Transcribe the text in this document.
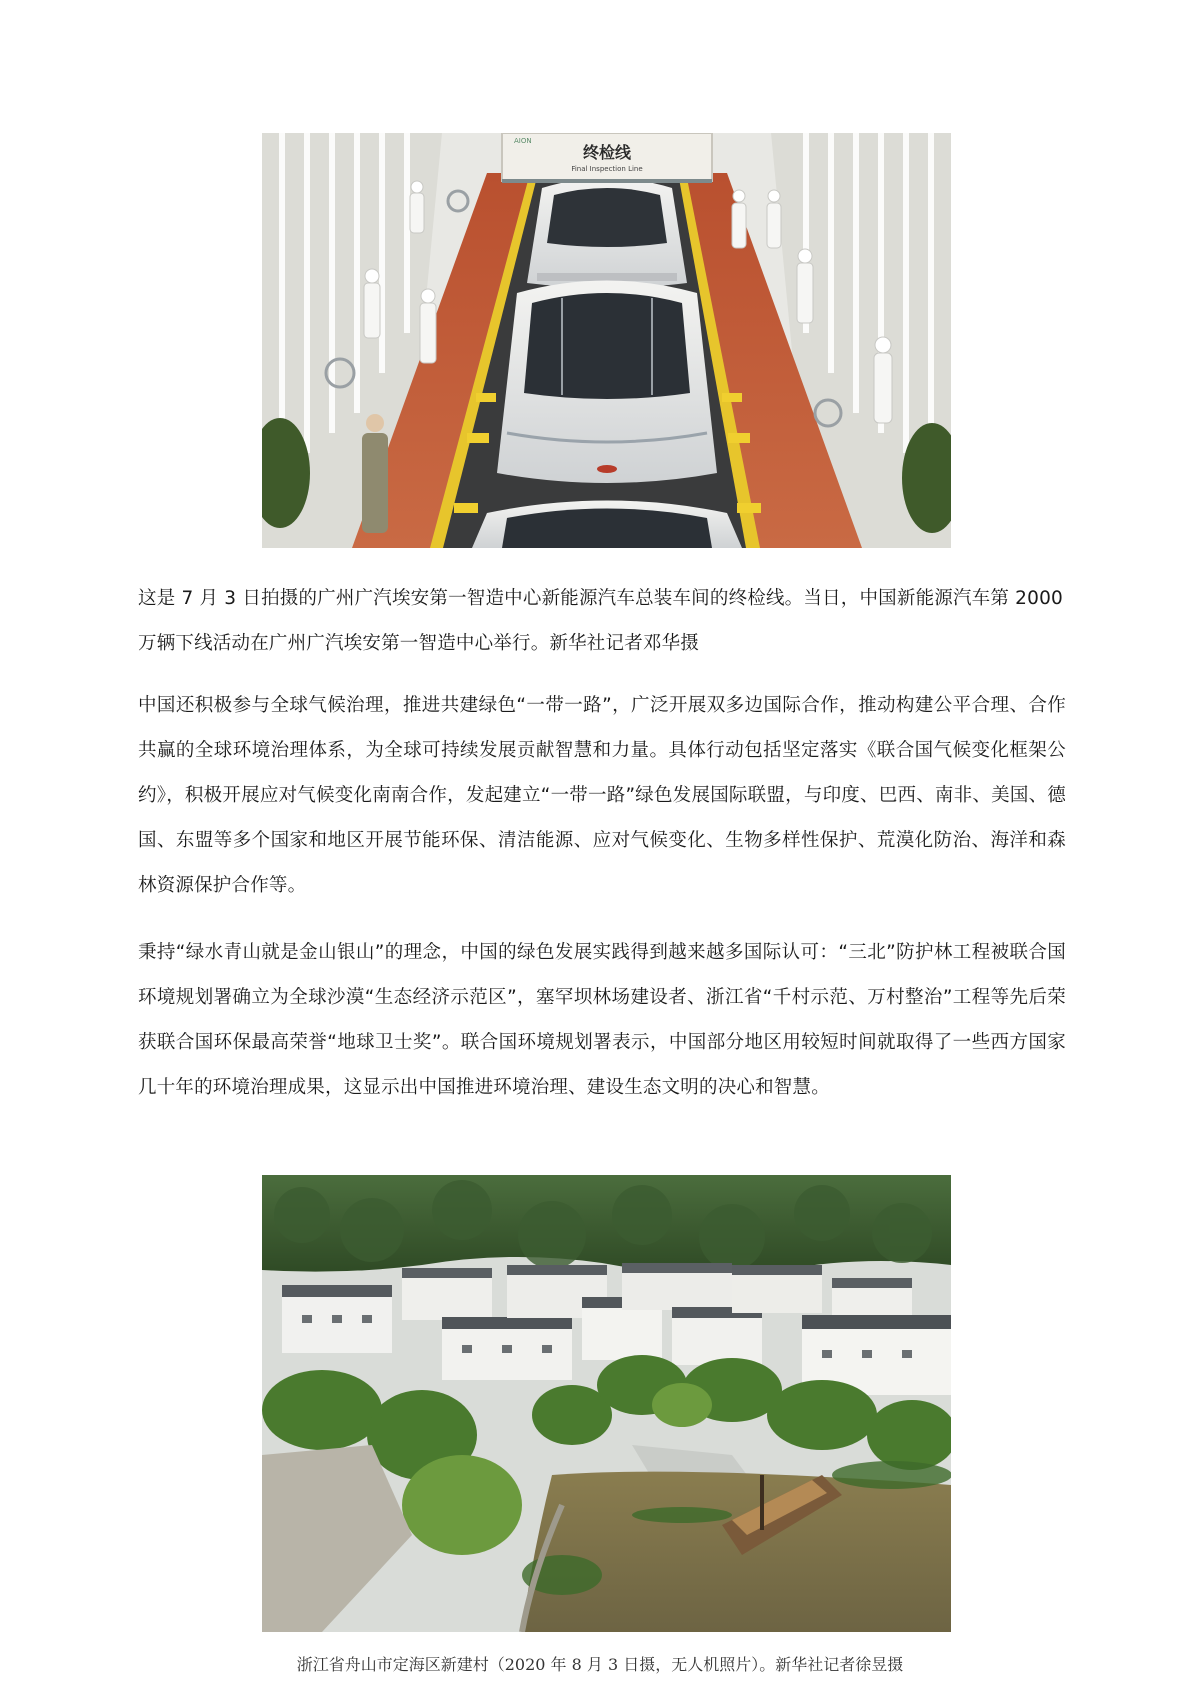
AION
终检线
Final Inspection Line

这是 7 月 3 日拍摄的广州广汽埃安第一智造中心新能源汽车总装车间的终检线。当日，中国新能源汽车第 2000 万辆下线活动在广州广汽埃安第一智造中心举行。新华社记者邓华摄

中国还积极参与全球气候治理，推进共建绿色“一带一路”，广泛开展双多边国际合作，推动构建公平合理、合作共赢的全球环境治理体系，为全球可持续发展贡献智慧和力量。具体行动包括坚定落实《联合国气候变化框架公约》，积极开展应对气候变化南南合作，发起建立“一带一路”绿色发展国际联盟，与印度、巴西、南非、美国、德国、东盟等多个国家和地区开展节能环保、清洁能源、应对气候变化、生物多样性保护、荒漠化防治、海洋和森林资源保护合作等。

秉持“绿水青山就是金山银山”的理念，中国的绿色发展实践得到越来越多国际认可：“三北”防护林工程被联合国环境规划署确立为全球沙漠“生态经济示范区”，塞罕坝林场建设者、浙江省“千村示范、万村整治”工程等先后荣获联合国环保最高荣誉“地球卫士奖”。联合国环境规划署表示，中国部分地区用较短时间就取得了一些西方国家几十年的环境治理成果，这显示出中国推进环境治理、建设生态文明的决心和智慧。

浙江省舟山市定海区新建村（2020 年 8 月 3 日摄，无人机照片）。新华社记者徐昱摄
